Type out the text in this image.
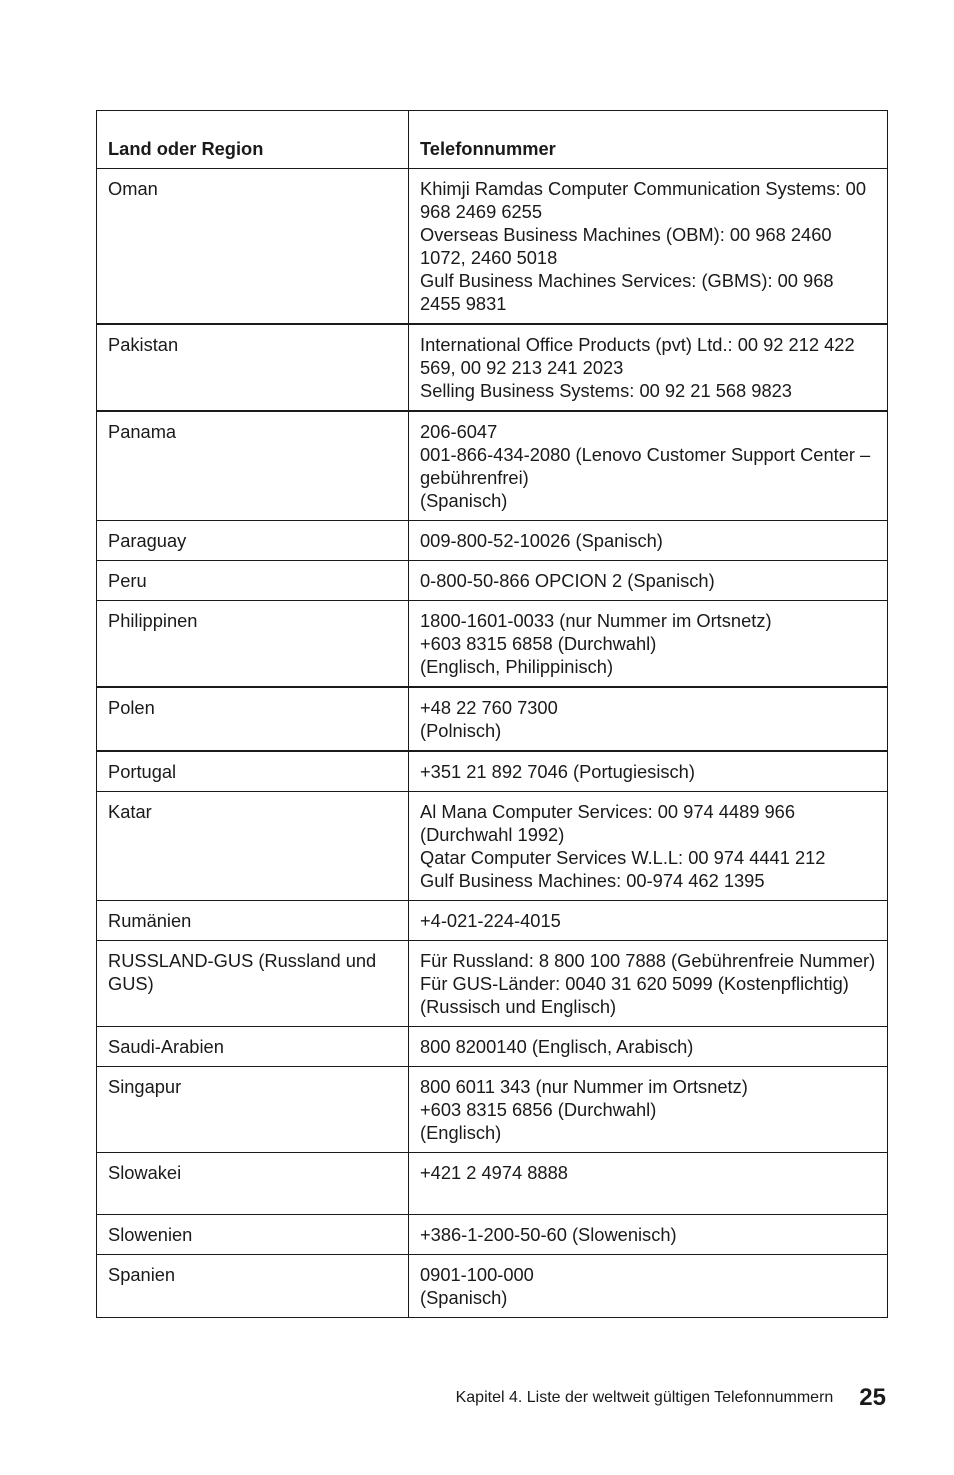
Land oder Region	Telefonnummer
Oman	Khimji Ramdas Computer Communication Systems: 00 968 2469 6255
Overseas Business Machines (OBM): 00 968 2460 1072, 2460 5018
Gulf Business Machines Services: (GBMS): 00 968 2455 9831

Pakistan	International Office Products (pvt) Ltd.: 00 92 212 422 569, 00 92 213 241 2023
Selling Business Systems: 00 92 21 568 9823

Panama	206-6047
001-866-434-2080 (Lenovo Customer Support Center – gebührenfrei)
(Spanisch)

Paraguay	009-800-52-10026 (Spanisch)

Peru	0-800-50-866 OPCION 2 (Spanisch)

Philippinen	1800-1601-0033 (nur Nummer im Ortsnetz)
+603 8315 6858 (Durchwahl)
(Englisch, Philippinisch)

Polen	+48 22 760 7300
(Polnisch)

Portugal	+351 21 892 7046 (Portugiesisch)

Katar	Al Mana Computer Services: 00 974 4489 966 (Durchwahl 1992)
Qatar Computer Services W.L.L: 00 974 4441 212
Gulf Business Machines: 00-974 462 1395

Rumänien	+4-021-224-4015

RUSSLAND-GUS (Russland und GUS)	Für Russland: 8 800 100 7888 (Gebührenfreie Nummer)
Für GUS-Länder: 0040 31 620 5099 (Kostenpflichtig)
(Russisch und Englisch)

Saudi-Arabien	800 8200140 (Englisch, Arabisch)

Singapur	800 6011 343 (nur Nummer im Ortsnetz)
+603 8315 6856 (Durchwahl)
(Englisch)

Slowakei	+421 2 4974 8888

Slowenien	+386-1-200-50-60 (Slowenisch)

Spanien	0901-100-000
(Spanisch)
Kapitel 4. Liste der weltweit gültigen Telefonnummern 25
